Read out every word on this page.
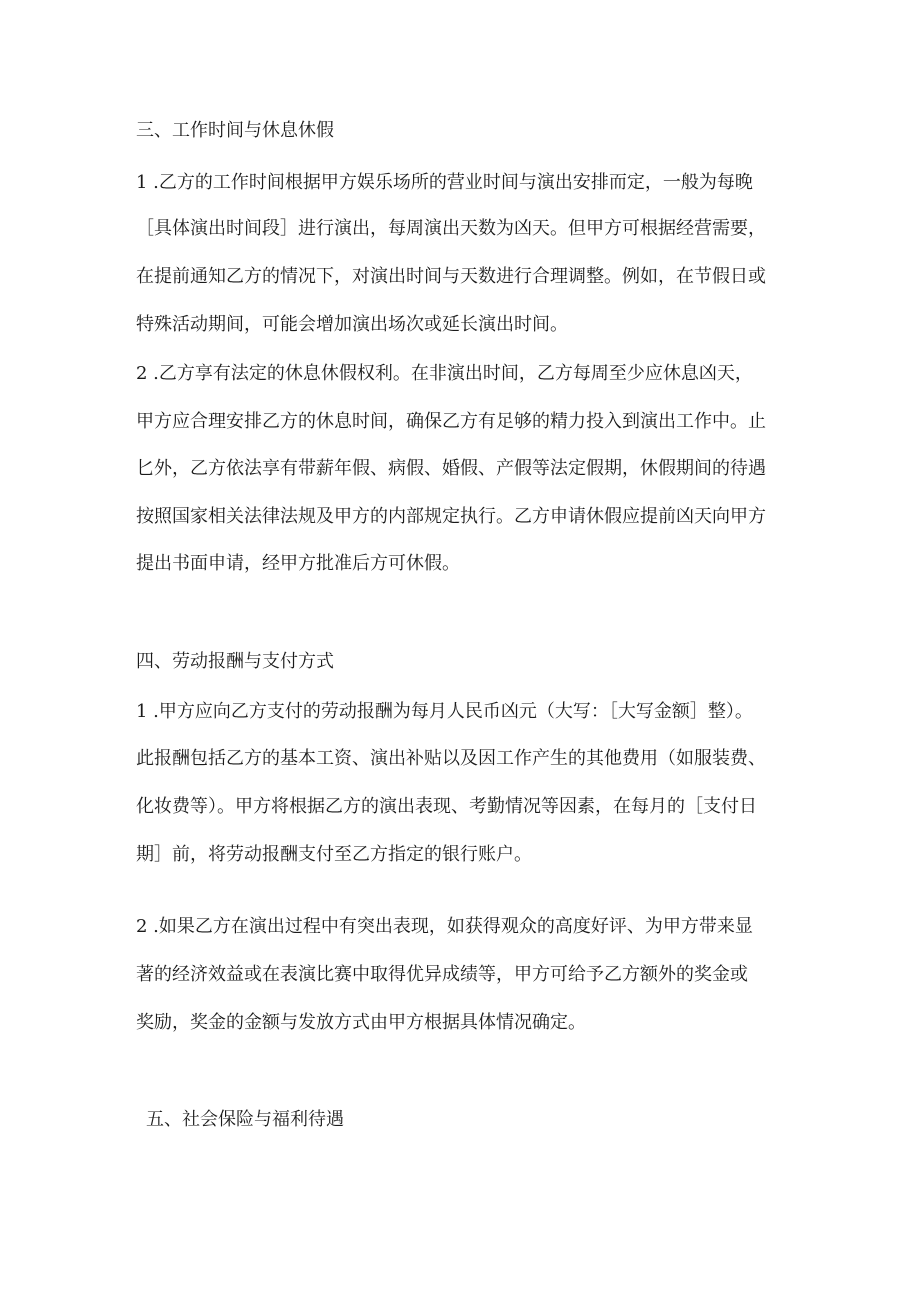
三、工作时间与休息休假
1 .乙方的工作时间根据甲方娱乐场所的营业时间与演出安排而定，一般为每晚
［具体演出时间段］进行演出，每周演出天数为凶天。但甲方可根据经营需要，
在提前通知乙方的情况下，对演出时间与天数进行合理调整。例如，在节假日或
特殊活动期间，可能会增加演出场次或延长演出时间。
2 .乙方享有法定的休息休假权利。在非演出时间，乙方每周至少应休息凶天，
甲方应合理安排乙方的休息时间，确保乙方有足够的精力投入到演出工作中。止
匕外，乙方依法享有带薪年假、病假、婚假、产假等法定假期，休假期间的待遇
按照国家相关法律法规及甲方的内部规定执行。乙方申请休假应提前凶天向甲方
提出书面申请，经甲方批准后方可休假。
四、劳动报酬与支付方式
1 .甲方应向乙方支付的劳动报酬为每月人民币凶元（大写：［大写金额］整）。
此报酬包括乙方的基本工资、演出补贴以及因工作产生的其他费用（如服装费、
化妆费等）。甲方将根据乙方的演出表现、考勤情况等因素，在每月的［支付日
期］前，将劳动报酬支付至乙方指定的银行账户。
2 .如果乙方在演出过程中有突出表现，如获得观众的高度好评、为甲方带来显
著的经济效益或在表演比赛中取得优异成绩等，甲方可给予乙方额外的奖金或
奖励，奖金的金额与发放方式由甲方根据具体情况确定。
五、社会保险与福利待遇
